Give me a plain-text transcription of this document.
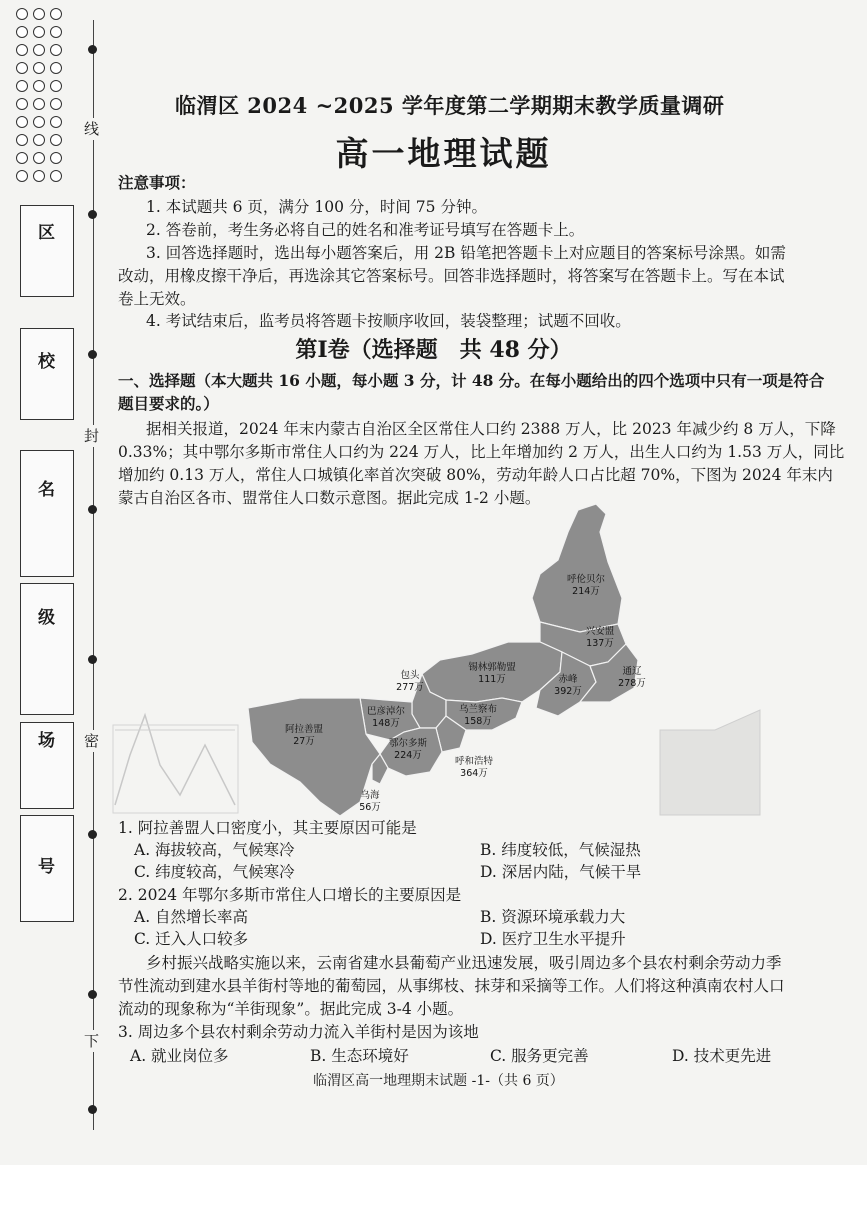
线
封
密
下
区
校
名
级
场
号
临渭区 2024 ~2025 学年度第二学期期末教学质量调研
高一地理试题
注意事项：
1. 本试题共 6 页，满分 100 分，时间 75 分钟。
2. 答卷前，考生务必将自己的姓名和准考证号填写在答题卡上。
3. 回答选择题时，选出每小题答案后，用 2B 铅笔把答题卡上对应题目的答案标号涂黑。如需
改动，用橡皮擦干净后，再选涂其它答案标号。回答非选择题时，将答案写在答题卡上。写在本试
卷上无效。
4. 考试结束后，监考员将答题卡按顺序收回，装袋整理；试题不回收。
第Ⅰ卷（选择题　共 48 分）
一、选择题（本大题共 16 小题，每小题 3 分，计 48 分。在每小题给出的四个选项中只有一项是符合
题目要求的。）
据相关报道，2024 年末内蒙古自治区全区常住人口约 2388 万人，比 2023 年减少约 8 万人，下降
0.33%；其中鄂尔多斯市常住人口约为 224 万人，比上年增加约 2 万人，出生人口约为 1.53 万人，同比
增加约 0.13 万人，常住人口城镇化率首次突破 80%，劳动年龄人口占比超 70%，下图为 2024 年末内
蒙古自治区各市、盟常住人口数示意图。据此完成 1-2 小题。
呼伦贝尔
214万
兴安盟
137万
通辽
278万
赤峰
392万
锡林郭勒盟
111万
包头
277万
乌兰察布
158万
呼和浩特
364万
巴彦淖尔
148万
鄂尔多斯
224万
阿拉善盟
27万
乌海
56万
1. 阿拉善盟人口密度小，其主要原因可能是
A. 海拔较高，气候寒冷	B. 纬度较低，气候湿热
C. 纬度较高，气候寒冷	D. 深居内陆，气候干旱
2. 2024 年鄂尔多斯市常住人口增长的主要原因是
A. 自然增长率高	B. 资源环境承载力大
C. 迁入人口较多	D. 医疗卫生水平提升
乡村振兴战略实施以来，云南省建水县葡萄产业迅速发展，吸引周边多个县农村剩余劳动力季
节性流动到建水县羊街村等地的葡萄园，从事绑枝、抹芽和采摘等工作。人们将这种滇南农村人口
流动的现象称为“羊街现象”。据此完成 3-4 小题。
3. 周边多个县农村剩余劳动力流入羊街村是因为该地
A. 就业岗位多	B. 生态环境好	C. 服务更完善	D. 技术更先进
临渭区高一地理期末试题 -1-（共 6 页）
